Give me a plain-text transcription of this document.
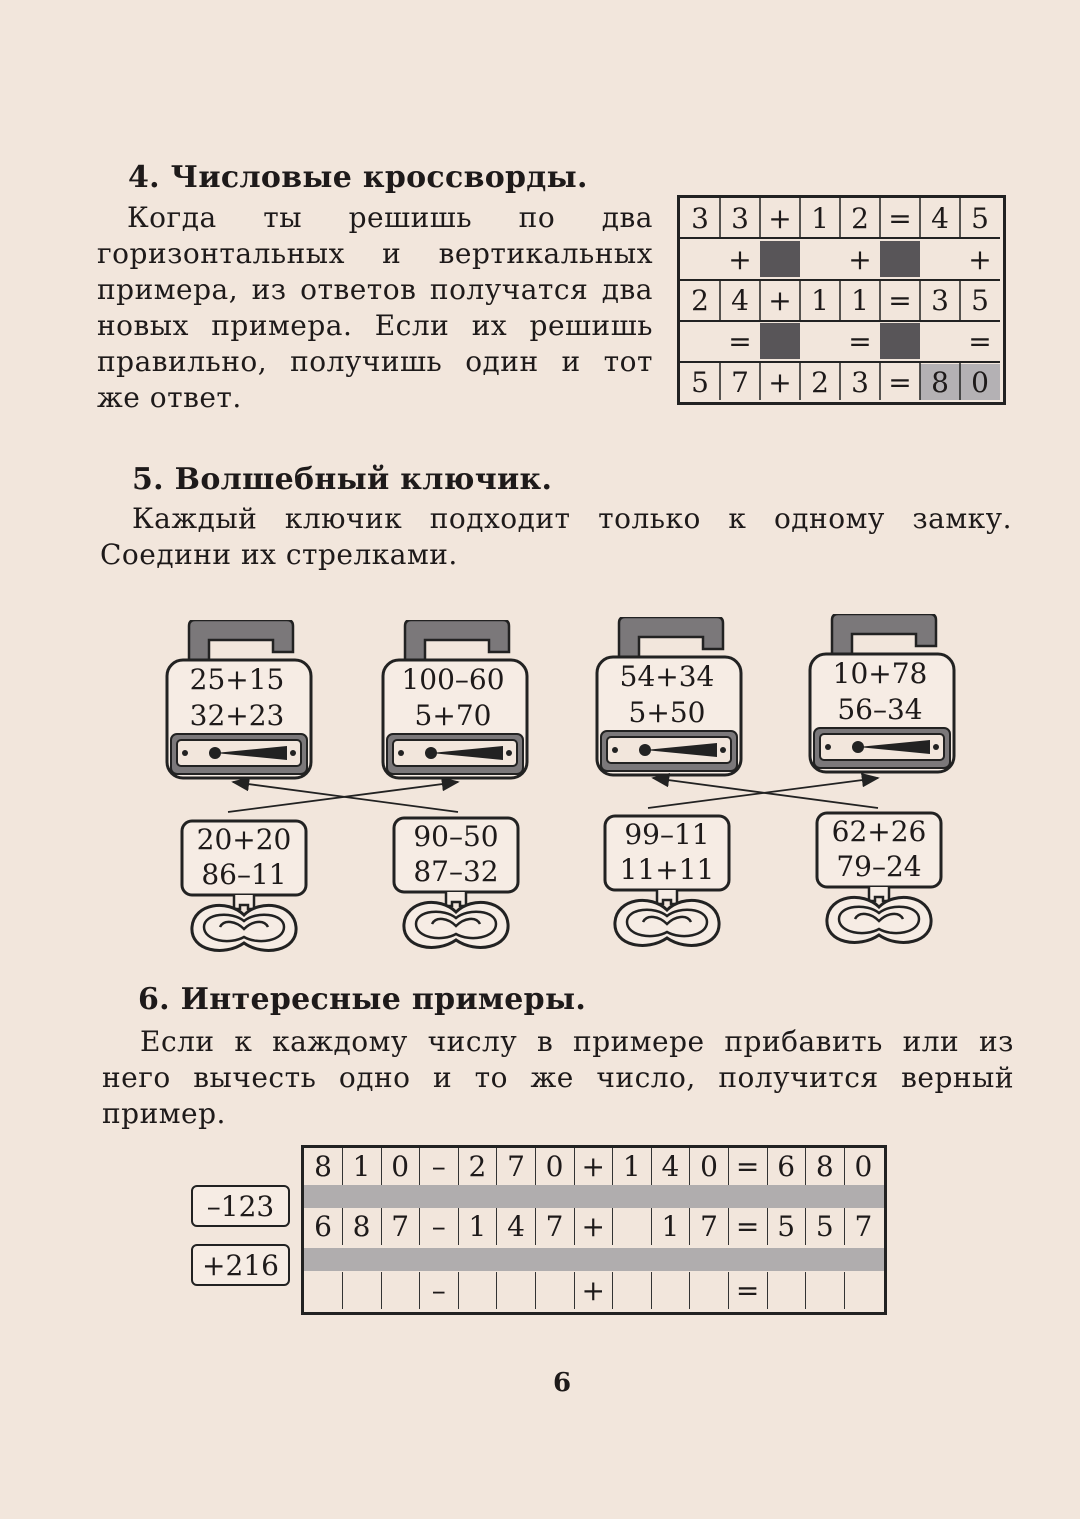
4. Числовые кроссворды.
Когда ты решишь по два
горизонтальных и вертикальных
примера, из ответов получатся два
новых примера. Если их решишь
правильно, получишь один и тот
же ответ.
3 3 + 1 2 = 4 5
+	+	+
2 4 + 1 1 = 3 5
=	=	=
5 7 + 2 3 = 8 0
5. Волшебный ключик.
Каждый ключик подходит только к одному замку.
Соедини их стрелками.
25+15
32+23
100–60
5+70
54+34
5+50
10+78
56–34
20+20
86–11
90–50
87–32
99–11
11+11
62+26
79–24
6. Интересные примеры.
Если к каждому числу в примере прибавить или из
него вычесть одно и то же число, получится верный
пример.
–123
+216
8 1 0 – 2 7 0 + 1 4 0 = 6 8 0
6 8 7 – 1 4 7 +	1 7 = 5 5 7
–	+	=
6
